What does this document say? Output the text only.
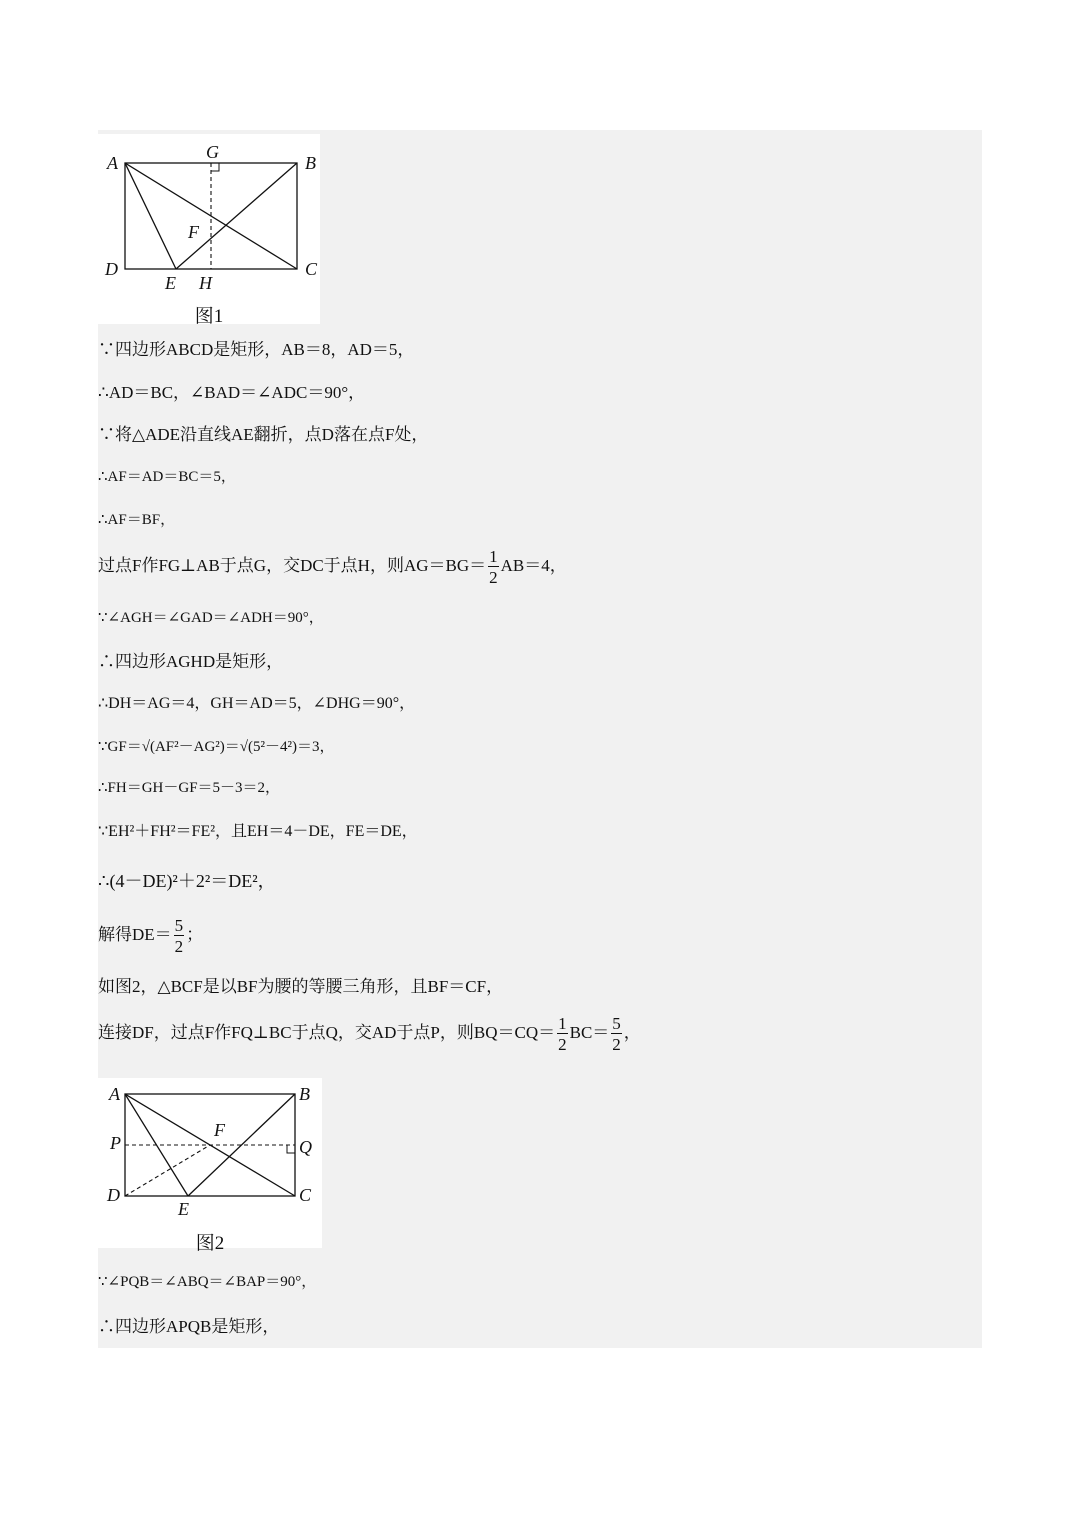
A	B
C
D
E
F
G
H
图1
∵四边形ABCD是矩形，AB＝8，AD＝5，
∴AD＝BC，∠BAD＝∠ADC＝90°，
∵将△ADE沿直线AE翻折，点D落在点F处，
∴AF＝AD＝BC＝5，
∴AF＝BF，
过点F作FG⊥AB于点G，交DC于点H，则$AG=BG= \frac{1}{2} AB=4$，
∵∠AGH＝∠GAD＝∠ADH＝90°，
∴四边形AGHD是矩形，
∴DH＝AG＝4，GH＝AD＝5，∠DHG＝90°，
∵GF＝√(AF²－AG²)＝√(5²－4²)＝3，
∴FH＝GH－GF＝5－3＝2，
∵EH²＋FH²＝FE²，且EH＝4－DE，FE＝DE，
∴(4－DE)²＋2²＝DE²，
解得$DE= \frac{5}{2}$ ；
如图2，△BCF是以BF为腰的等腰三角形，且BF＝CF，
连接DF，过点F作FQ⊥BC于点Q，交AD于点P，则$BQ=CQ= \frac{1}{2} BC= \frac{5}{2}$ ，
A	B
C
D
E
F
P	Q
图2
∵∠PQB＝∠ABQ＝∠BAP＝90°，
∴四边形APQB是矩形，
